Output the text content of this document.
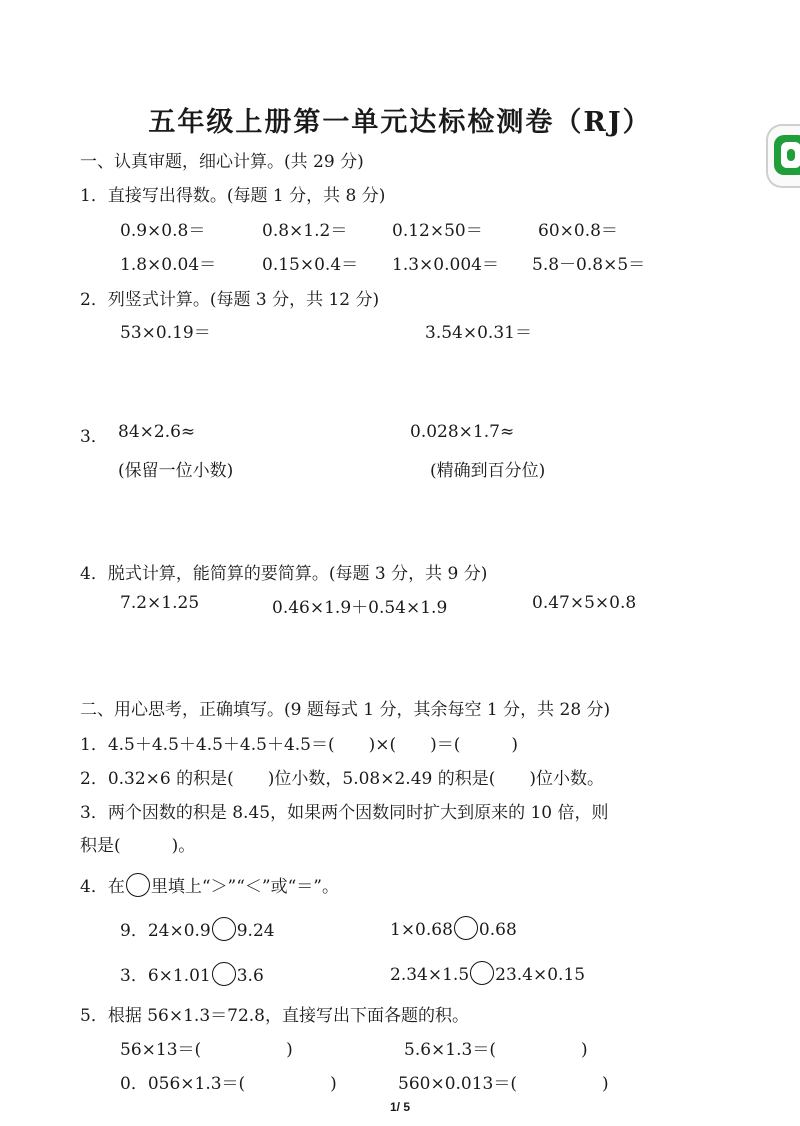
五年级上册第一单元达标检测卷（RJ）
一、认真审题，细心计算。(共 29 分)
1．直接写出得数。(每题 1 分，共 8 分)
0.9×0.8＝	0.8×1.2＝	0.12×50＝	60×0.8＝
1.8×0.04＝	0.15×0.4＝ 1.3×0.004＝ 5.8－0.8×5＝
2．列竖式计算。(每题 3 分，共 12 分)
53×0.19＝	3.54×0.31＝
3． 84×2.6≈	0.028×1.7≈
(保留一位小数)	(精确到百分位)
4．脱式计算，能简算的要简算。(每题 3 分，共 9 分)
7.2×1.25	0.46×1.9＋0.54×1.9	0.47×5×0.8
二、用心思考，正确填写。(9 题每式 1 分，其余每空 1 分，共 28 分)
1．4.5＋4.5＋4.5＋4.5＋4.5＝(　　)×(　　)＝(　　　)
2．0.32×6 的积是(　　)位小数，5.08×2.49 的积是(　　)位小数。
3．两个因数的积是 8.45，如果两个因数同时扩大到原来的 10 倍，则
积是(　　　)。
4．在 里填上“＞”“＜”或“＝”。
9．24×0.9 9.24	1×0.68 0.68
3．6×1.01 3.6	2.34×1.5 23.4×0.15
5．根据 56×1.3＝72.8，直接写出下面各题的积。
56×13＝(　　　　　)	5.6×1.3＝(　　　　　)
0．056×1.3＝(　　　　　)	560×0.013＝(　　　　　)
1/ 5
